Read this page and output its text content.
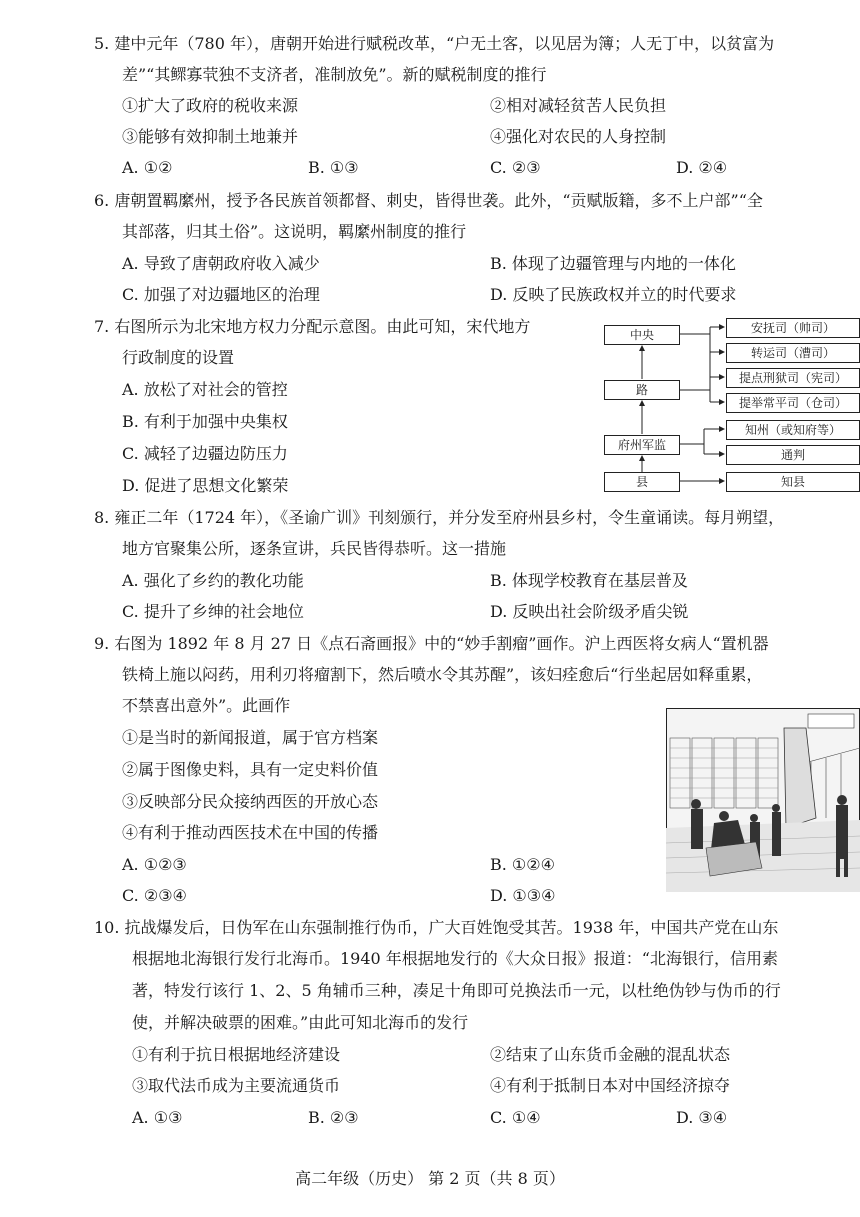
5. 建中元年（780 年），唐朝开始进行赋税改革，“户无土客，以见居为簿；人无丁中，以贫富为
差”“其鳏寡茕独不支济者，准制放免”。新的赋税制度的推行
①扩大了政府的税收来源	②相对减轻贫苦人民负担
③能够有效抑制土地兼并	④强化对农民的人身控制
A. ①②	B. ①③	C. ②③	D. ②④
6. 唐朝置羁縻州，授予各民族首领都督、刺史，皆得世袭。此外，“贡赋版籍，多不上户部”“全
其部落，归其土俗”。这说明，羁縻州制度的推行
A. 导致了唐朝政府收入减少	B. 体现了边疆管理与内地的一体化
C. 加强了对边疆地区的治理	D. 反映了民族政权并立的时代要求
7. 右图所示为北宋地方权力分配示意图。由此可知，宋代地方
行政制度的设置
A. 放松了对社会的管控
B. 有利于加强中央集权
C. 减轻了边疆边防压力
D. 促进了思想文化繁荣
中央
路
府州军监
县
安抚司（帅司）
转运司（漕司）
提点刑狱司（宪司）
提举常平司（仓司）
知州（或知府等）
通判
知县
8. 雍正二年（1724 年），《圣谕广训》刊刻颁行，并分发至府州县乡村，令生童诵读。每月朔望，
地方官聚集公所，逐条宣讲，兵民皆得恭听。这一措施
A. 强化了乡约的教化功能	B. 体现学校教育在基层普及
C. 提升了乡绅的社会地位	D. 反映出社会阶级矛盾尖锐
9. 右图为 1892 年 8 月 27 日《点石斋画报》中的“妙手割瘤”画作。沪上西医将女病人“置机器
铁椅上施以闷药，用利刃将瘤割下，然后喷水令其苏醒”，该妇痊愈后“行坐起居如释重累，
不禁喜出意外”。此画作
①是当时的新闻报道，属于官方档案
②属于图像史料，具有一定史料价值
③反映部分民众接纳西医的开放心态
④有利于推动西医技术在中国的传播
A. ①②③	B. ①②④
C. ②③④	D. ①③④
10. 抗战爆发后，日伪军在山东强制推行伪币，广大百姓饱受其苦。1938 年，中国共产党在山东
根据地北海银行发行北海币。1940 年根据地发行的《大众日报》报道：“北海银行，信用素
著，特发行该行 1、2、5 角辅币三种，凑足十角即可兑换法币一元，以杜绝伪钞与伪币的行
使，并解决破票的困难。”由此可知北海币的发行
①有利于抗日根据地经济建设	②结束了山东货币金融的混乱状态
③取代法币成为主要流通货币	④有利于抵制日本对中国经济掠夺
A. ①③	B. ②③	C. ①④	D. ③④
高二年级（历史） 第 2 页（共 8 页）
